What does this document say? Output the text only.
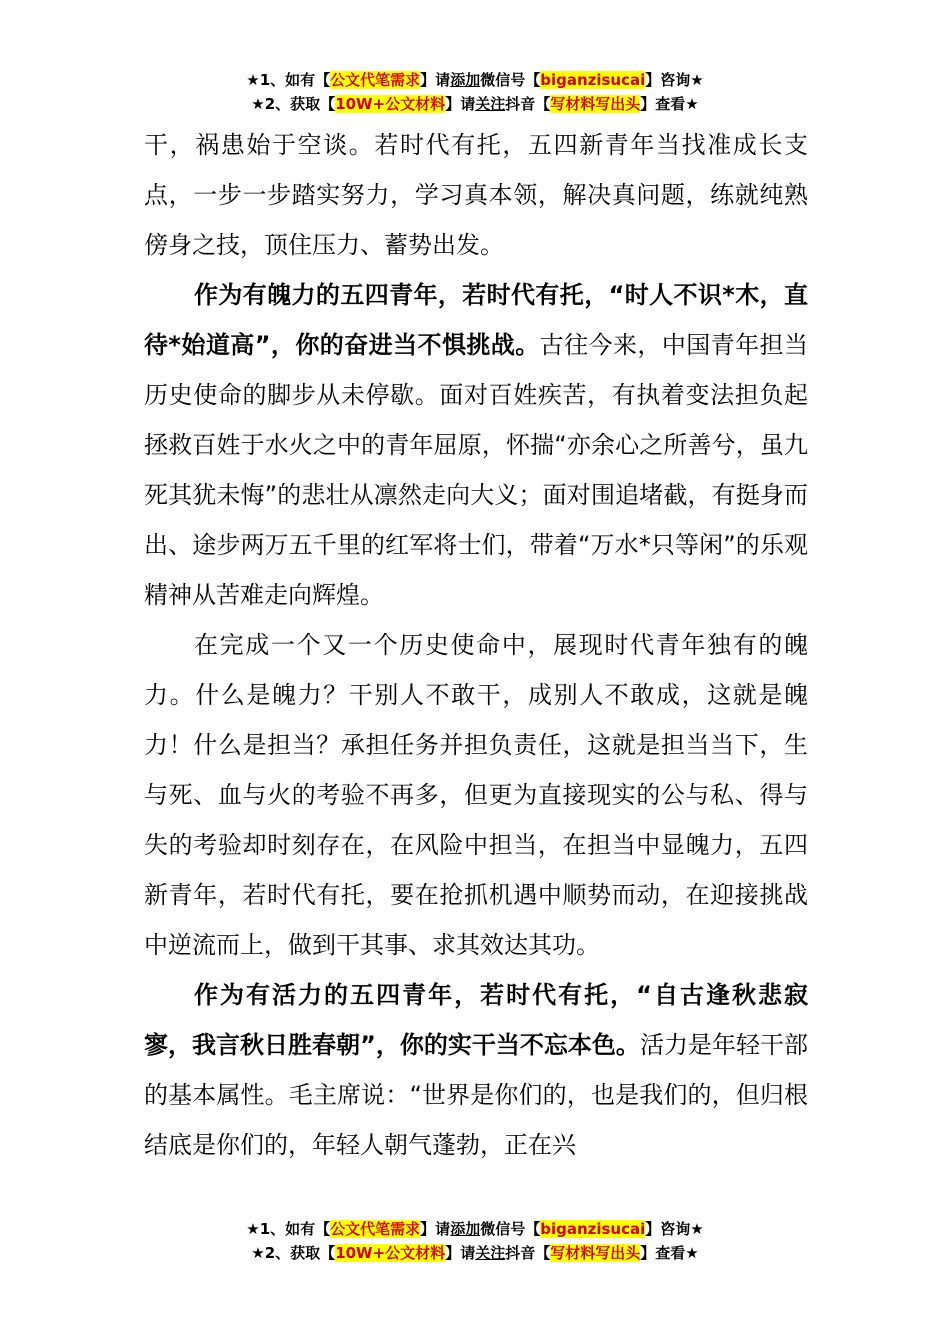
★1、如有【公文代笔需求】请添加微信号【biganzisucai】咨询★
★2、获取【10W+公文材料】请关注抖音【写材料写出头】查看★

干，祸患始于空谈。若时代有托，五四新青年当找准成长支点，一步一步踏实努力，学习真本领，解决真问题，练就纯熟傍身之技，顶住压力、蓄势出发。

作为有魄力的五四青年，若时代有托，“时人不识*木，直待*始道高”，你的奋进当不惧挑战。古往今来，中国青年担当历史使命的脚步从未停歇。面对百姓疾苦，有执着变法担负起拯救百姓于水火之中的青年屈原，怀揣“亦余心之所善兮，虽九死其犹未悔”的悲壮从凛然走向大义；面对围追堵截，有挺身而出、途步两万五千里的红军将士们，带着“万水*只等闲”的乐观精神从苦难走向辉煌。

在完成一个又一个历史使命中，展现时代青年独有的魄力。什么是魄力？干别人不敢干，成别人不敢成，这就是魄力！什么是担当？承担任务并担负责任，这就是担当当下，生与死、血与火的考验不再多，但更为直接现实的公与私、得与失的考验却时刻存在，在风险中担当，在担当中显魄力，五四新青年，若时代有托，要在抢抓机遇中顺势而动，在迎接挑战中逆流而上，做到干其事、求其效达其功。

作为有活力的五四青年，若时代有托，“自古逢秋悲寂寥，我言秋日胜春朝”，你的实干当不忘本色。活力是年轻干部的基本属性。毛主席说：“世界是你们的，也是我们的，但归根结底是你们的，年轻人朝气蓬勃，正在兴

★1、如有【公文代笔需求】请添加微信号【biganzisucai】咨询★
★2、获取【10W+公文材料】请关注抖音【写材料写出头】查看★
